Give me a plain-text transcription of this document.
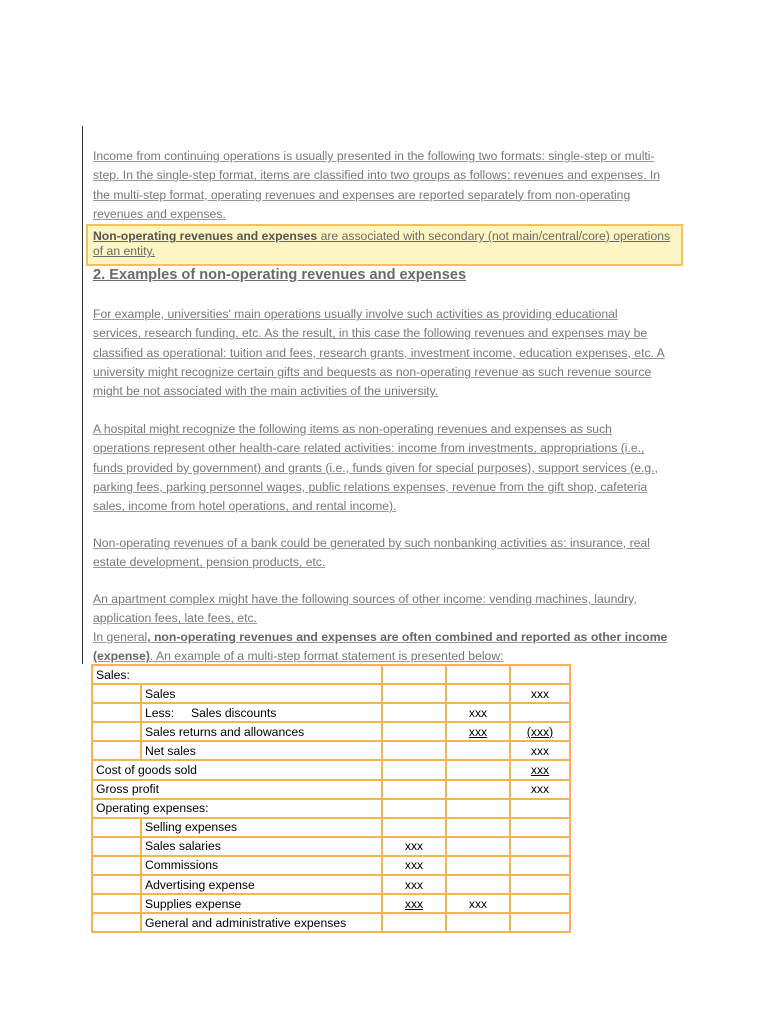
Income from continuing operations is usually presented in the following two formats: single-step or multi-step. In the single-step format, items are classified into two groups as follows: revenues and expenses. In the multi-step format, operating revenues and expenses are reported separately from non-operating revenues and expenses.

Non-operating revenues and expenses are associated with secondary (not main/central/core) operations of an entity.

2. Examples of non-operating revenues and expenses

For example, universities' main operations usually involve such activities as providing educational services, research funding, etc. As the result, in this case the following revenues and expenses may be classified as operational: tuition and fees, research grants, investment income, education expenses, etc. A university might recognize certain gifts and bequests as non-operating revenue as such revenue source might be not associated with the main activities of the university.

A hospital might recognize the following items as non-operating revenues and expenses as such operations represent other health-care related activities: income from investments, appropriations (i.e., funds provided by government) and grants (i.e., funds given for special purposes), support services (e.g., parking fees, parking personnel wages, public relations expenses, revenue from the gift shop, cafeteria sales, income from hotel operations, and rental income).

Non-operating revenues of a bank could be generated by such nonbanking activities as: insurance, real estate development, pension products, etc.

An apartment complex might have the following sources of other income: vending machines, laundry, application fees, late fees, etc.

In general, non-operating revenues and expenses are often combined and reported as other income (expense). An example of a multi-step format statement is presented below:

Sales:				
	Sales			xxx
	Less: Sales discounts		xxx	
	Sales returns and allowances		xxx	(xxx)
	Net sales			xxx
Cost of goods sold				xxx
Gross profit				xxx
Operating expenses:				
	Selling expenses			
	Sales salaries	xxx		
	Commissions	xxx		
	Advertising expense	xxx		
	Supplies expense	xxx	xxx	
	General and administrative expenses			
